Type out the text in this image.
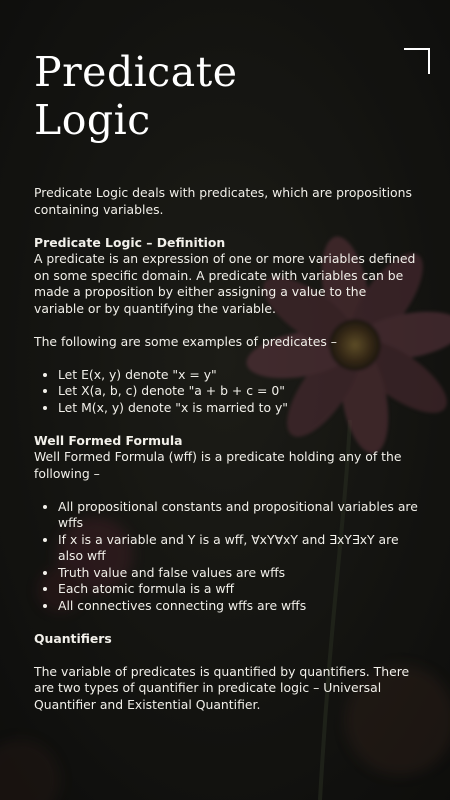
Predicate
Logic

Predicate Logic deals with predicates, which are propositions containing variables.

Predicate Logic – Definition

A predicate is an expression of one or more variables defined on some specific domain. A predicate with variables can be made a proposition by either assigning a value to the variable or by quantifying the variable.

The following are some examples of predicates –

• Let E(x, y) denote "x = y"
• Let X(a, b, c) denote "a + b + c = 0"
• Let M(x, y) denote "x is married to y"

Well Formed Formula

Well Formed Formula (wff) is a predicate holding any of the following –

• All propositional constants and propositional variables are wffs
• If x is a variable and Y is a wff, ∀xY∀xY and ∃xY∃xY are also wff
• Truth value and false values are wffs
• Each atomic formula is a wff
• All connectives connecting wffs are wffs

Quantifiers

The variable of predicates is quantified by quantifiers. There are two types of quantifier in predicate logic – Universal Quantifier and Existential Quantifier.
